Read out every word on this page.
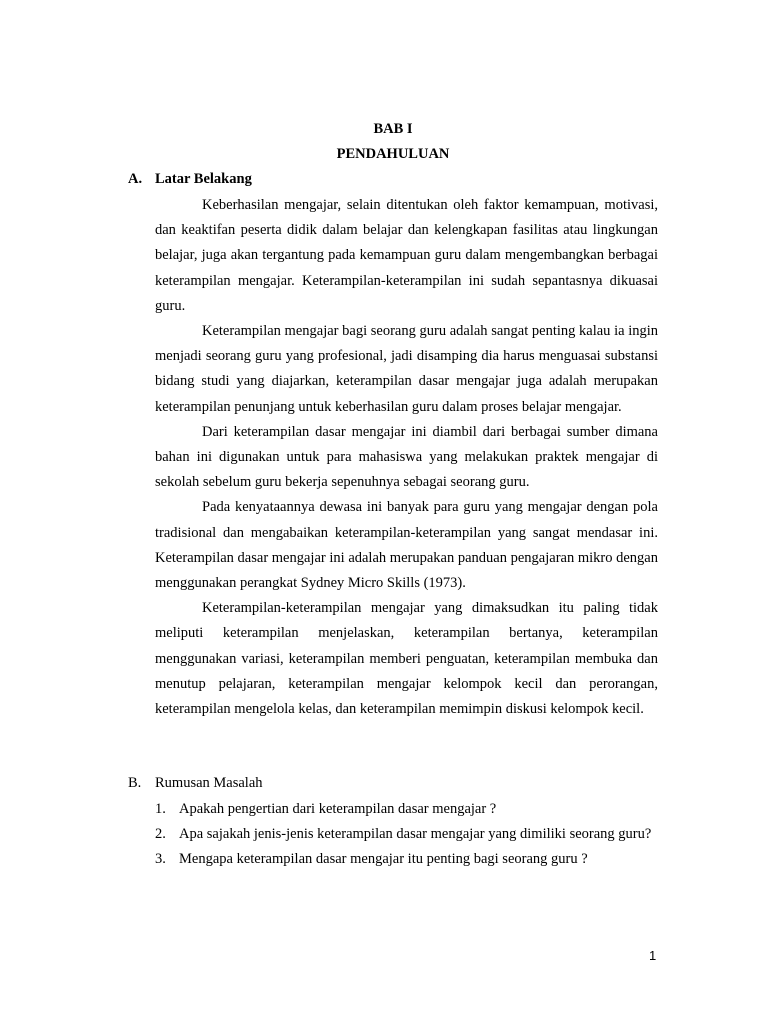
BAB I
PENDAHULUAN
A. Latar Belakang

Keberhasilan mengajar, selain ditentukan oleh faktor kemampuan, motivasi, dan keaktifan peserta didik dalam belajar dan kelengkapan fasilitas atau lingkungan belajar, juga akan tergantung pada kemampuan guru dalam mengembangkan berbagai keterampilan mengajar. Keterampilan-keterampilan ini sudah sepantasnya dikuasai guru.

Keterampilan mengajar bagi seorang guru adalah sangat penting kalau ia ingin menjadi seorang guru yang profesional, jadi disamping dia harus menguasai substansi bidang studi yang diajarkan, keterampilan dasar mengajar juga adalah merupakan keterampilan penunjang untuk keberhasilan guru dalam proses belajar mengajar.

Dari keterampilan dasar mengajar ini diambil dari berbagai sumber dimana bahan ini digunakan untuk para mahasiswa yang melakukan praktek mengajar di sekolah sebelum guru bekerja sepenuhnya sebagai seorang guru.

Pada kenyataannya dewasa ini banyak para guru yang mengajar dengan pola tradisional dan mengabaikan keterampilan-keterampilan yang sangat mendasar ini. Keterampilan dasar mengajar ini adalah merupakan panduan pengajaran mikro dengan menggunakan perangkat Sydney Micro Skills (1973).

Keterampilan-keterampilan mengajar yang dimaksudkan itu paling tidak meliputi keterampilan menjelaskan, keterampilan bertanya, keterampilan menggunakan variasi, keterampilan memberi penguatan, keterampilan membuka dan menutup pelajaran, keterampilan mengajar kelompok kecil dan perorangan, keterampilan mengelola kelas, dan keterampilan memimpin diskusi kelompok kecil.

B. Rumusan Masalah
1. Apakah pengertian dari keterampilan dasar mengajar ?
2. Apa sajakah jenis-jenis keterampilan dasar mengajar yang dimiliki seorang guru?
3. Mengapa keterampilan dasar mengajar itu penting bagi seorang guru ?
1
